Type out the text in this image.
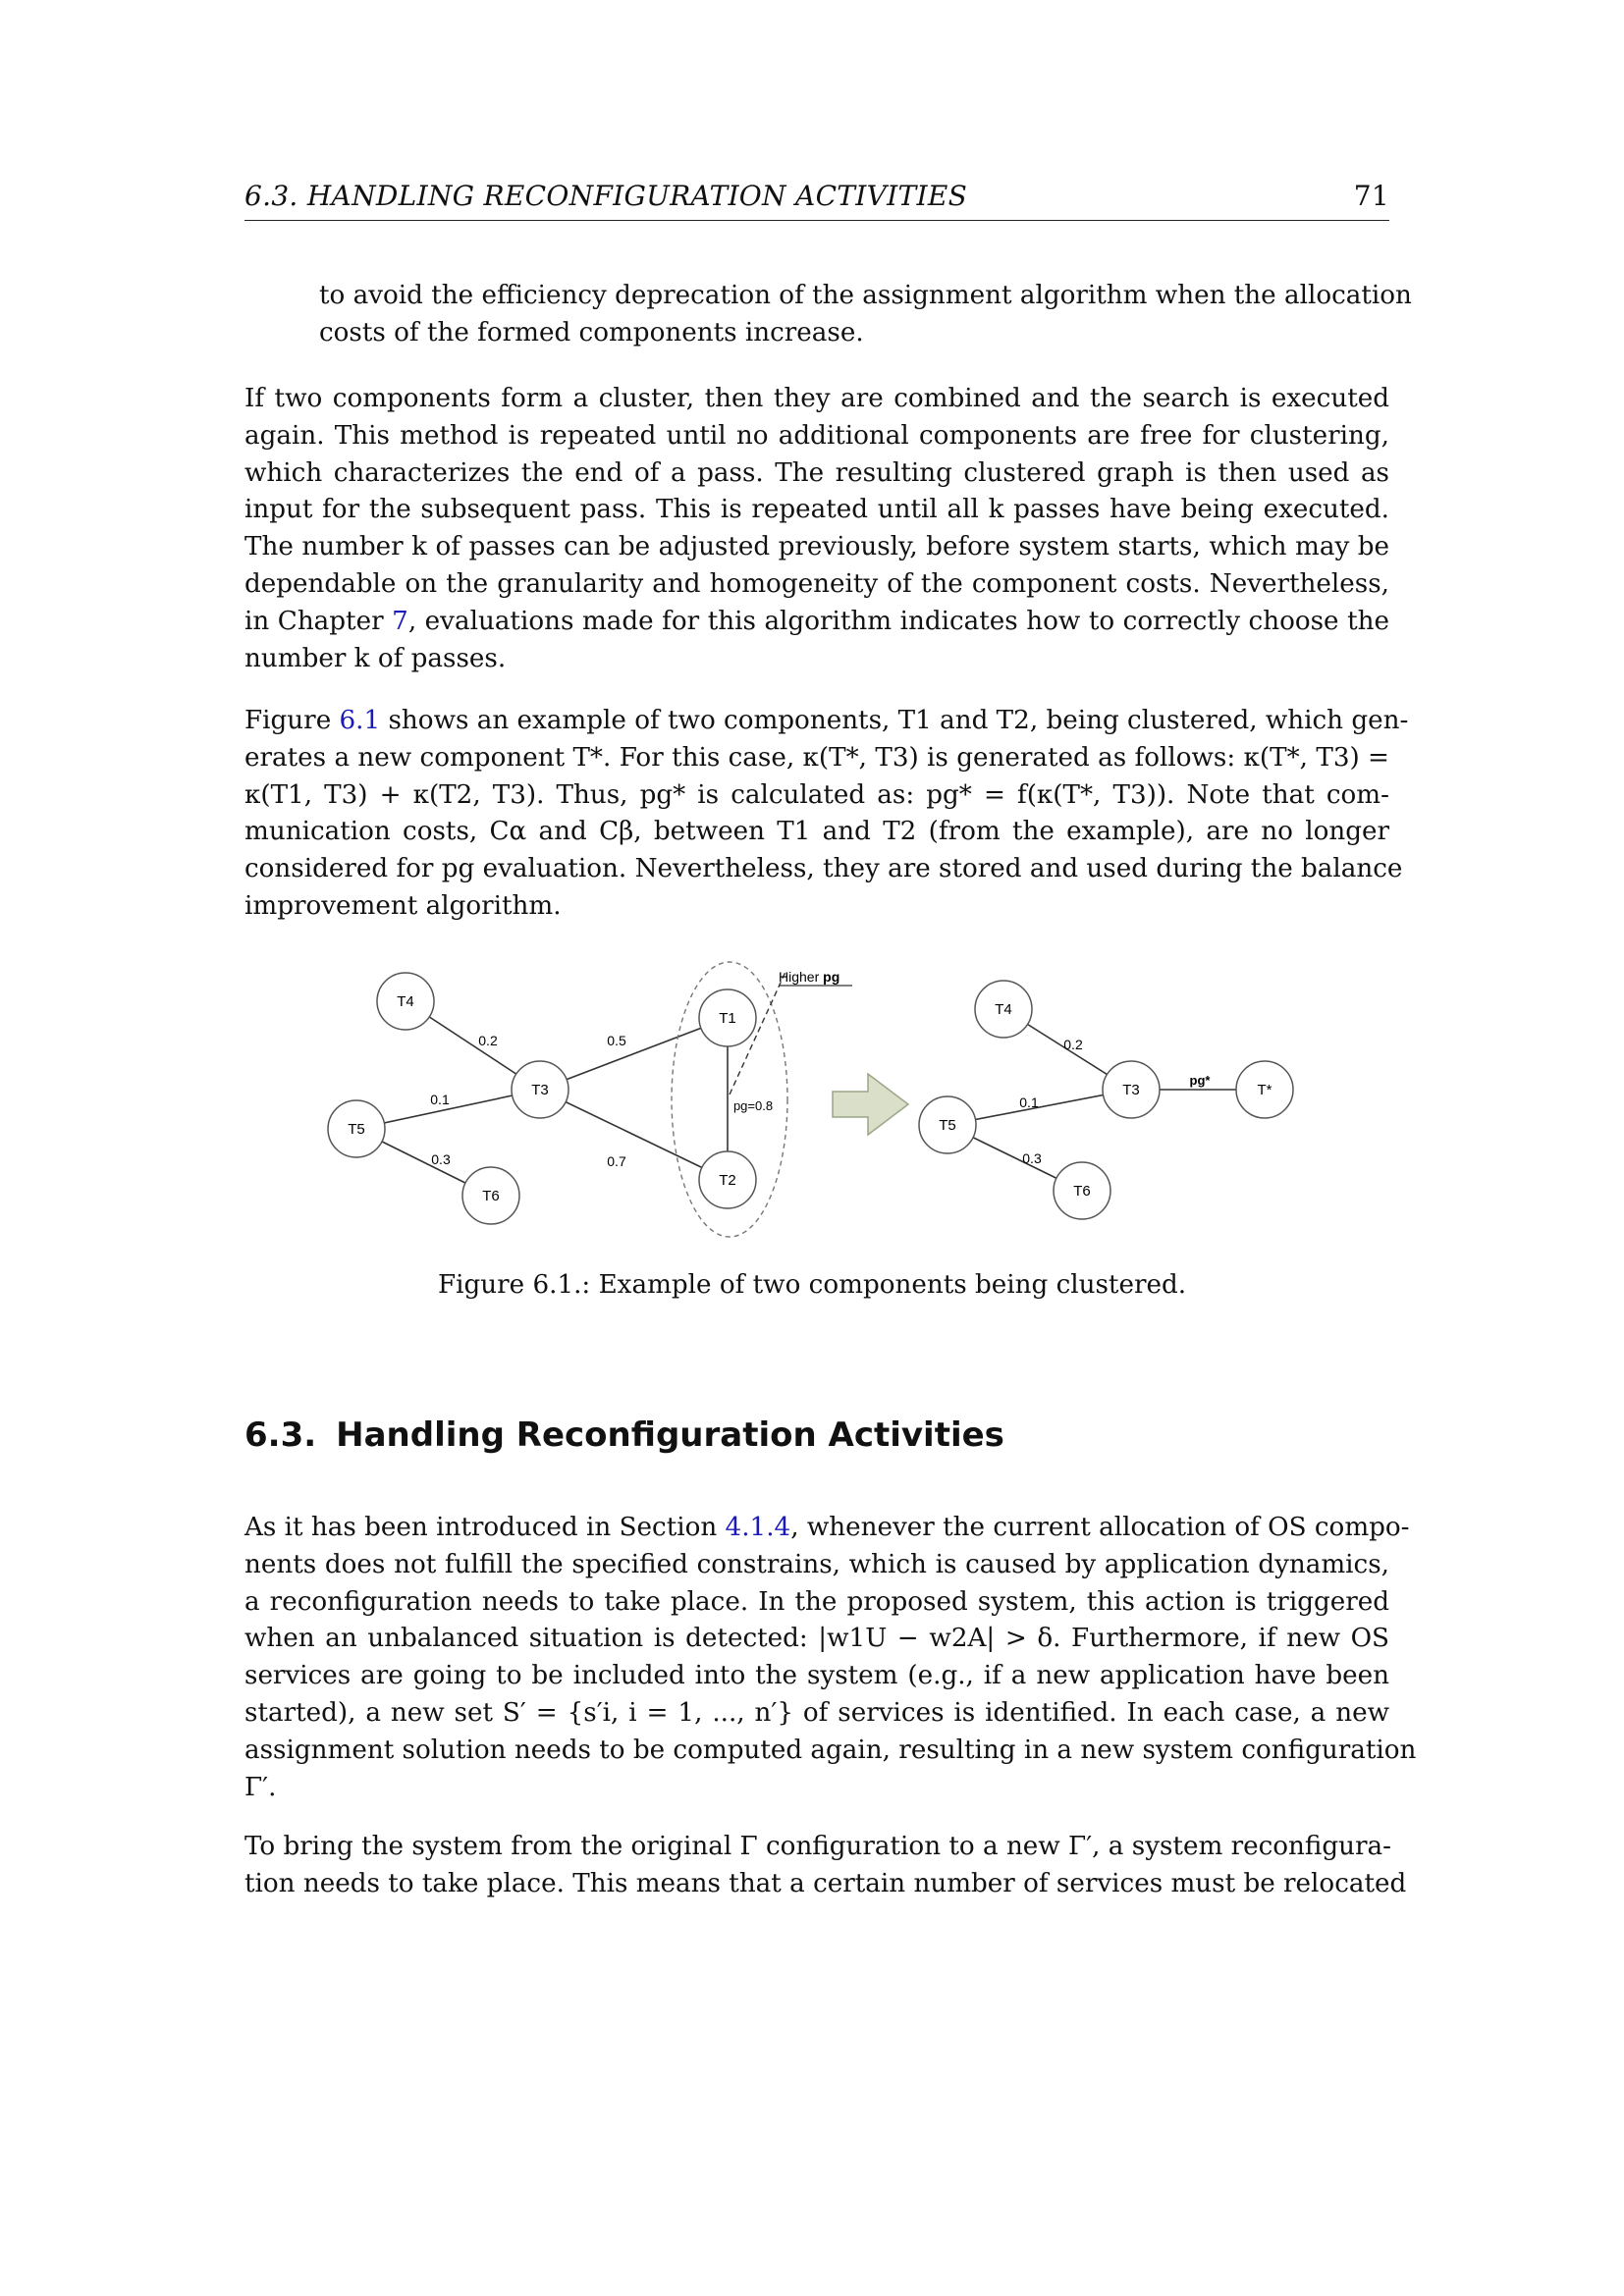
6.3. HANDLING RECONFIGURATION ACTIVITIES	71

to avoid the efficiency deprecation of the assignment algorithm when the allocation
costs of the formed components increase.

If two components form a cluster, then they are combined and the search is executed
again. This method is repeated until no additional components are free for clustering,
which characterizes the end of a pass. The resulting clustered graph is then used as
input for the subsequent pass. This is repeated until all k passes have being executed.
The number k of passes can be adjusted previously, before system starts, which may be
dependable on the granularity and homogeneity of the component costs. Nevertheless,
in Chapter 7, evaluations made for this algorithm indicates how to correctly choose the
number k of passes.

Figure 6.1 shows an example of two components, T1 and T2, being clustered, which gen-
erates a new component T*. For this case, κ(T*, T3) is generated as follows: κ(T*, T3) =
κ(T1, T3) + κ(T2, T3). Thus, pg* is calculated as: pg* = f(κ(T*, T3)). Note that com-
munication costs, Cα and Cβ, between T1 and T2 (from the example), are no longer
considered for pg evaluation. Nevertheless, they are stored and used during the balance
improvement algorithm.

T4
T5
T3
T6
T1
T2
0.2
0.1
0.3
0.5
0.7
pg=0.8
Higher pg
T4
T5
T3
T6
T*
0.2
0.1
0.3
pg*
Figure 6.1.: Example of two components being clustered.
6.3. Handling Reconfiguration Activities

As it has been introduced in Section 4.1.4, whenever the current allocation of OS compo-
nents does not fulfill the specified constrains, which is caused by application dynamics,
a reconfiguration needs to take place. In the proposed system, this action is triggered
when an unbalanced situation is detected: |w1U − w2A| > δ. Furthermore, if new OS
services are going to be included into the system (e.g., if a new application have been
started), a new set S′ = {s′i, i = 1, ..., n′} of services is identified. In each case, a new
assignment solution needs to be computed again, resulting in a new system configuration
Γ′.

To bring the system from the original Γ configuration to a new Γ′, a system reconfigura-
tion needs to take place. This means that a certain number of services must be relocated
